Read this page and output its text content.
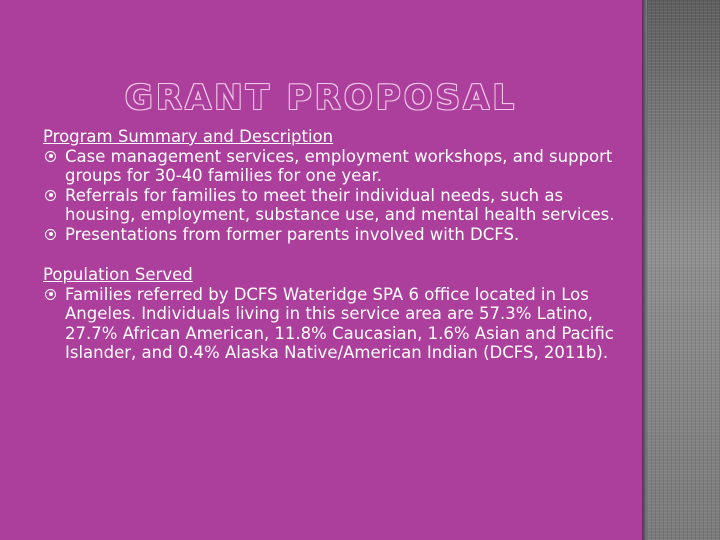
GRANT PROPOSAL

Program Summary and Description

Case management services, employment workshops, and support groups for 30-40 families for one year.
Referrals for families to meet their individual needs, such as housing, employment, substance use, and mental health services.
Presentations from former parents involved with DCFS.

Population Served

Families referred by DCFS Wateridge SPA 6 office located in Los Angeles. Individuals living in this service area are 57.3% Latino, 27.7% African American, 11.8% Caucasian, 1.6% Asian and Pacific Islander, and 0.4% Alaska Native/American Indian (DCFS, 2011b).
